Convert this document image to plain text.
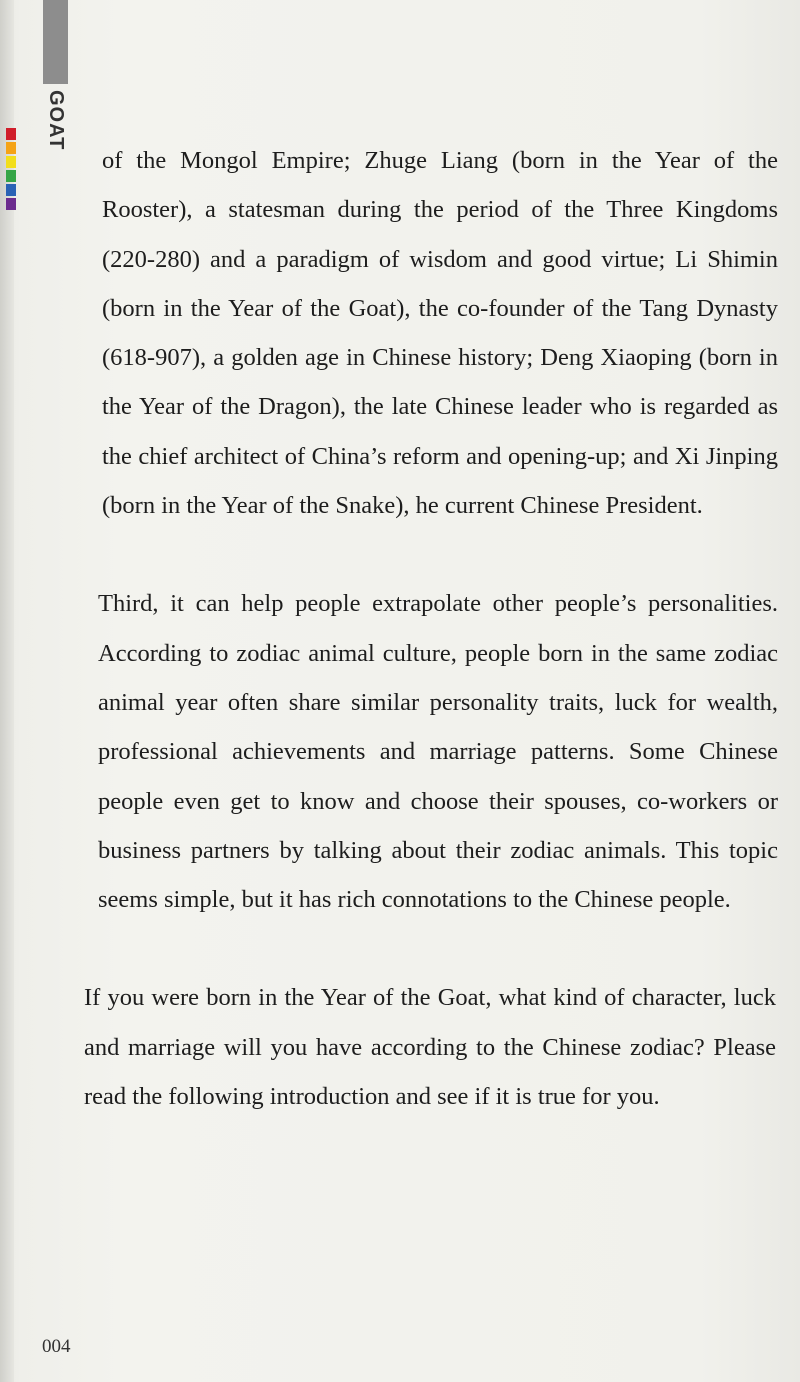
GOAT

of the Mongol Empire; Zhuge Liang (born in the Year of the Rooster), a statesman during the period of the Three Kingdoms (220-280) and a paradigm of wisdom and good virtue; Li Shimin (born in the Year of the Goat), the co-founder of the Tang Dynasty (618-907), a golden age in Chinese history; Deng Xiaoping (born in the Year of the Dragon), the late Chinese leader who is regarded as the chief architect of China’s reform and opening-up; and Xi Jinping (born in the Year of the Snake), he current Chinese President.

Third, it can help people extrapolate other people’s personalities. According to zodiac animal culture, people born in the same zodiac animal year often share similar personality traits, luck for wealth, professional achievements and marriage patterns. Some Chinese people even get to know and choose their spouses, co-workers or business partners by talking about their zodiac animals. This topic seems simple, but it has rich connotations to the Chinese people.

If you were born in the Year of the Goat, what kind of character, luck and marriage will you have according to the Chinese zodiac? Please read the following introduction and see if it is true for you.

004
